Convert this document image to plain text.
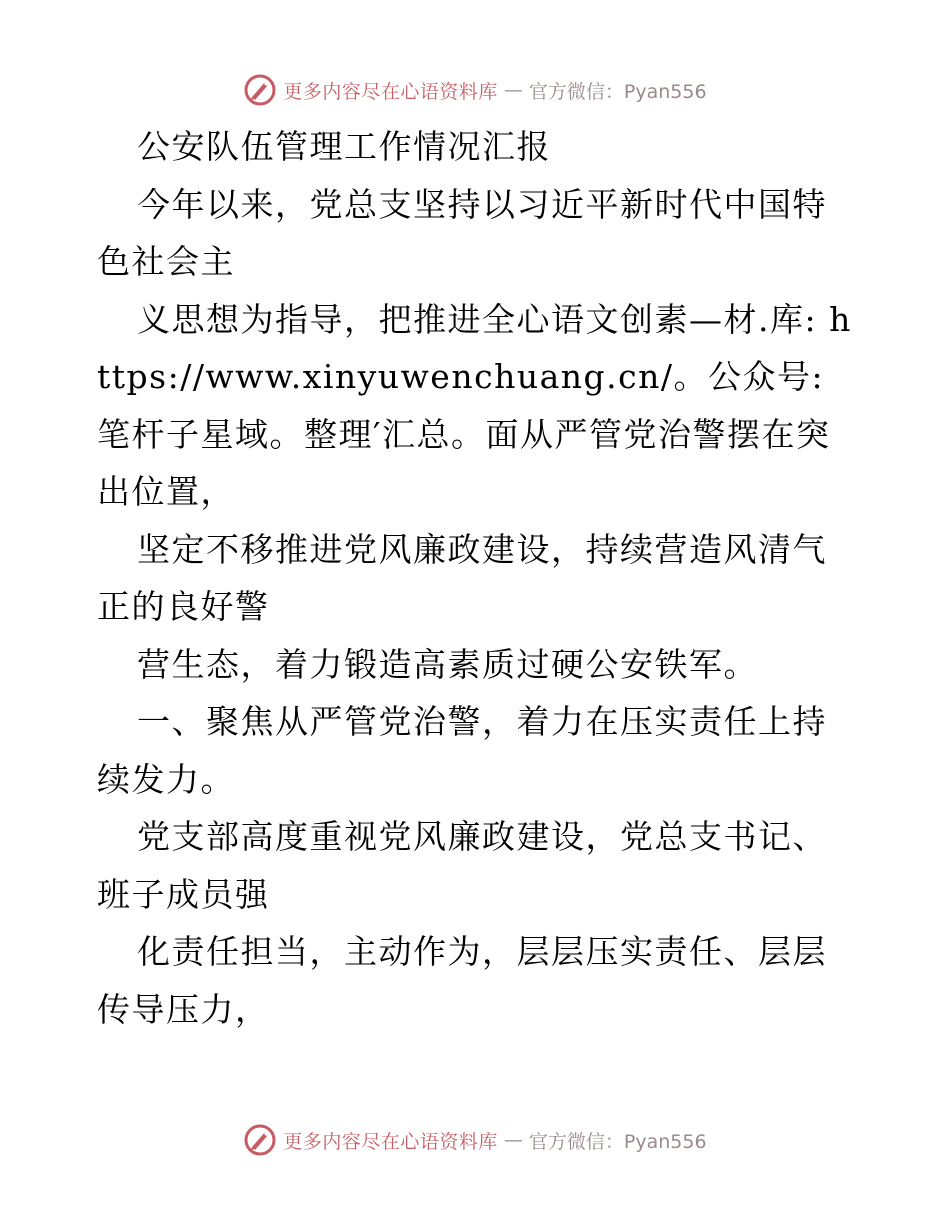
更多内容尽在心语资料库 — 官方微信：Pyan556

公安队伍管理工作情况汇报

今年以来，党总支坚持以习近平新时代中国特色社会主

义思想为指导，把推进全心语文创素—材.库: https://www.xinyuwenchuang.cn/。公众号: 笔杆子星域。整理′汇总。面从严管党治警摆在突出位置，

坚定不移推进党风廉政建设，持续营造风清气正的良好警

营生态，着力锻造高素质过硬公安铁军。

一、聚焦从严管党治警，着力在压实责任上持续发力。

党支部高度重视党风廉政建设，党总支书记、班子成员强

化责任担当，主动作为，层层压实责任、层层传导压力，

更多内容尽在心语资料库 — 官方微信：Pyan556
